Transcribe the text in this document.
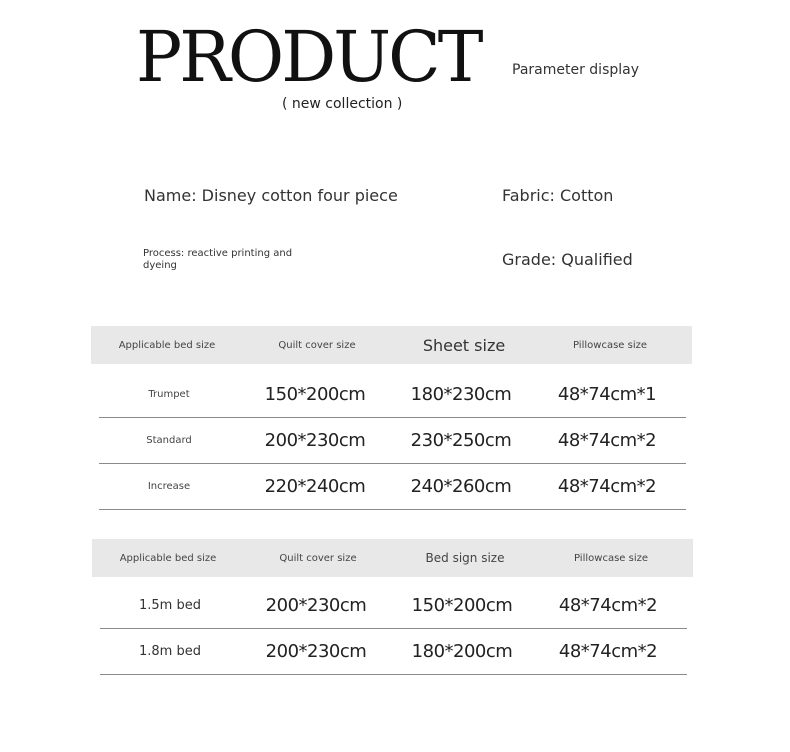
PRODUCT Parameter display
( new collection )
Name: Disney cotton four piece	Fabric: Cotton
Process: reactive printing and dyeing	Grade: Qualified
Applicable bed size	Quilt cover size	Sheet size	Pillowcase size
Trumpet	150*200cm	180*230cm	48*74cm*1
Standard	200*230cm	230*250cm	48*74cm*2
Increase	220*240cm	240*260cm	48*74cm*2
Applicable bed size	Quilt cover size	Bed sign size	Pillowcase size
1.5m bed	200*230cm	150*200cm	48*74cm*2
1.8m bed	200*230cm	180*200cm	48*74cm*2
